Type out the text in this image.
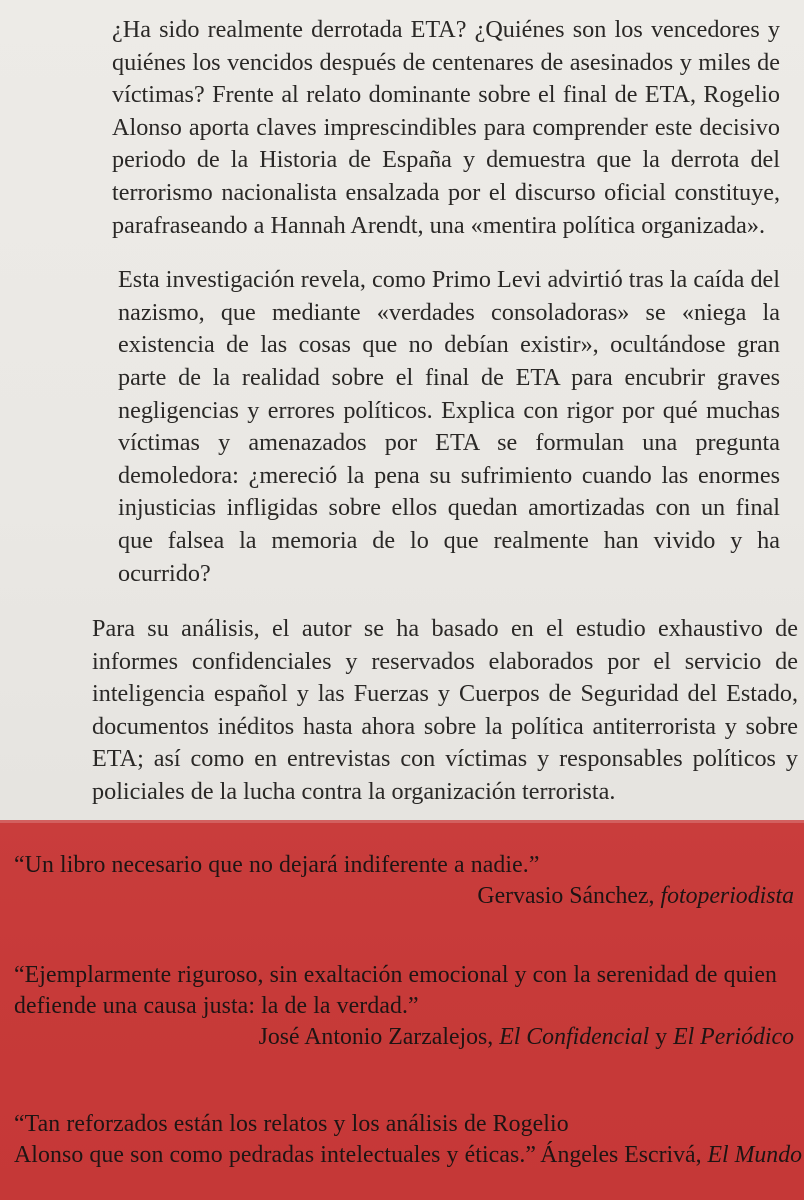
¿Ha sido realmente derrotada ETA? ¿Quiénes son los vencedores y quiénes los vencidos después de centenares de asesinados y miles de víctimas? Frente al relato dominante sobre el final de ETA, Rogelio Alonso aporta claves imprescindibles para comprender este decisivo periodo de la Historia de España y demuestra que la derrota del terrorismo nacionalista ensalzada por el discurso oficial constituye, parafraseando a Hannah Arendt, una «mentira política organizada».

Esta investigación revela, como Primo Levi advirtió tras la caída del nazismo, que mediante «verdades consoladoras» se «niega la existencia de las cosas que no debían existir», ocultándose gran parte de la realidad sobre el final de ETA para encubrir graves negligencias y errores políticos. Explica con rigor por qué muchas víctimas y amenazados por ETA se formulan una pregunta demoledora: ¿mereció la pena su sufrimiento cuando las enormes injusticias infligidas sobre ellos quedan amortizadas con un final que falsea la memoria de lo que realmente han vivido y ha ocurrido?

Para su análisis, el autor se ha basado en el estudio exhaustivo de informes confidenciales y reservados elaborados por el servicio de inteligencia español y las Fuerzas y Cuerpos de Seguridad del Estado, documentos inéditos hasta ahora sobre la política antiterrorista y sobre ETA; así como en entrevistas con víctimas y responsables políticos y policiales de la lucha contra la organización terrorista.

“Un libro necesario que no dejará indiferente a nadie.”

Gervasio Sánchez, fotoperiodista

“Ejemplarmente riguroso, sin exaltación emocional y con la serenidad de quien defiende una causa justa: la de la verdad.”

José Antonio Zarzalejos, El Confidencial y El Periódico

“Tan reforzados están los relatos y los análisis de Rogelio Alonso que son como pedradas intelectuales y éticas.” Ángeles Escrivá, El Mundo
